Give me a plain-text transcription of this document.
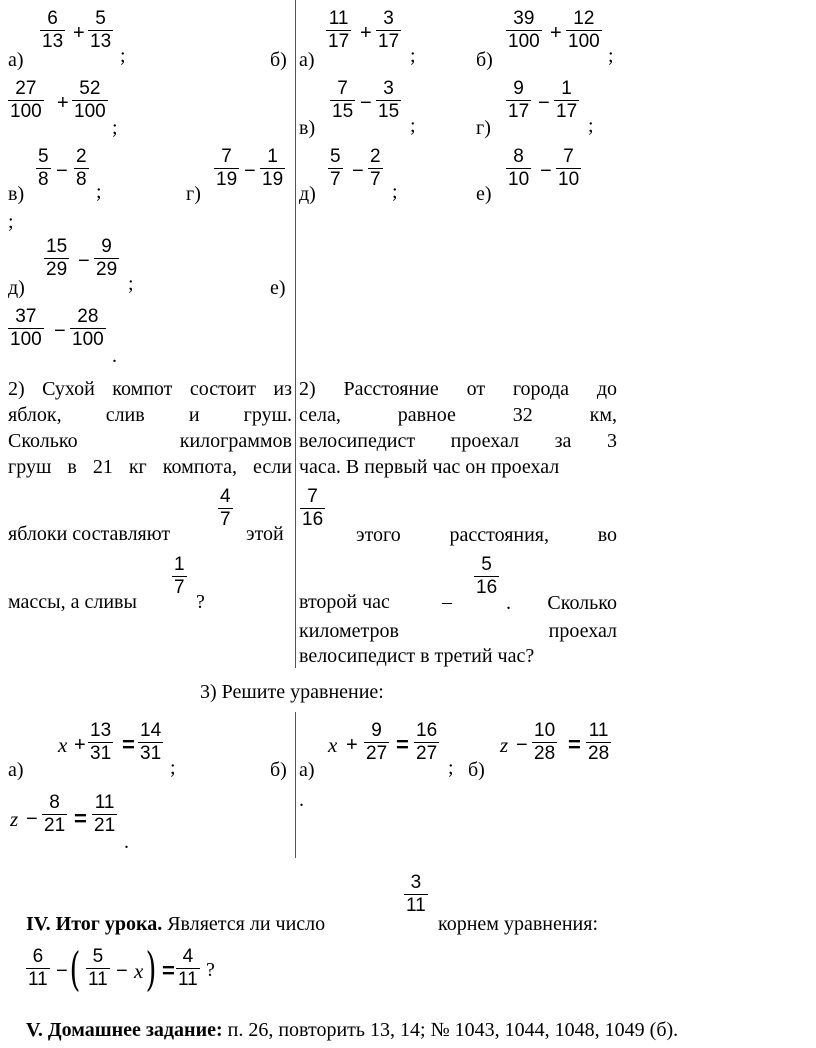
а)
6
13 +
5
13
;	б)
27
100 +
52
100
;
в)
5
8 −
2
8
;	г)
7
19 −
1
19
;
д)
15
29 −
9
29
;	е)
37
100 −
28
100
.
а)
11
17 +
3
17
;	б)
39
100 +
12
100
;
в)
7
15 −
3
15
;	г)
9
17 −
1
17
;
д)
5
7 −
2
7
;	е)
8
10 −
7
10
2) Сухой компот состоит из
яблок, слив и груш.
Сколько килограммов
груш в 21 кг компота, если
яблоки составляют
4
7
этой
массы, а сливы
1
7
?
2) Расстояние от города до
села, равное 32 км,
велосипедист проехал за 3
часа. В первый час он проехал
7
16
этого расстояния, во
второй час	–
5
16
. Сколько
километров проехал
велосипедист в третий час?
3) Решите уравнение:
а)
x +
13
31 =
14
31
;	б)
z −
8
21 =
11
21
.
а)
x +
9
27 =
16
27
; б)
z −
10
28 =
11
28
.
IV. Итог урока. Является ли число
3
11
корнем уравнения:
6
11 − ( 5
11 − x ) =
4
11 ?
V. Домашнее задание: п. 26, повторить 13, 14; № 1043, 1044, 1048, 1049 (б).
